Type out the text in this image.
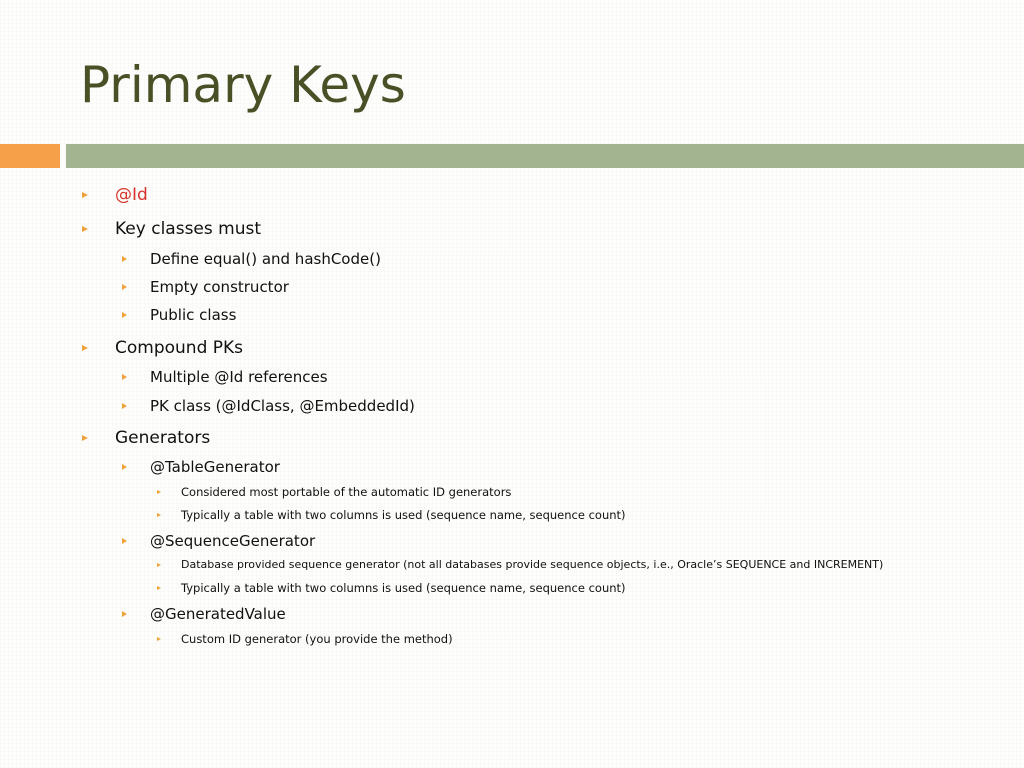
Primary Keys
@Id
Key classes must
Define equal() and hashCode()
Empty constructor
Public class
Compound PKs
Multiple @Id references
PK class (@IdClass, @EmbeddedId)
Generators
@TableGenerator
Considered most portable of the automatic ID generators
Typically a table with two columns is used (sequence name, sequence count)
@SequenceGenerator
Database provided sequence generator (not all databases provide sequence objects, i.e., Oracle’s SEQUENCE and INCREMENT)
Typically a table with two columns is used (sequence name, sequence count)
@GeneratedValue
Custom ID generator (you provide the method)
